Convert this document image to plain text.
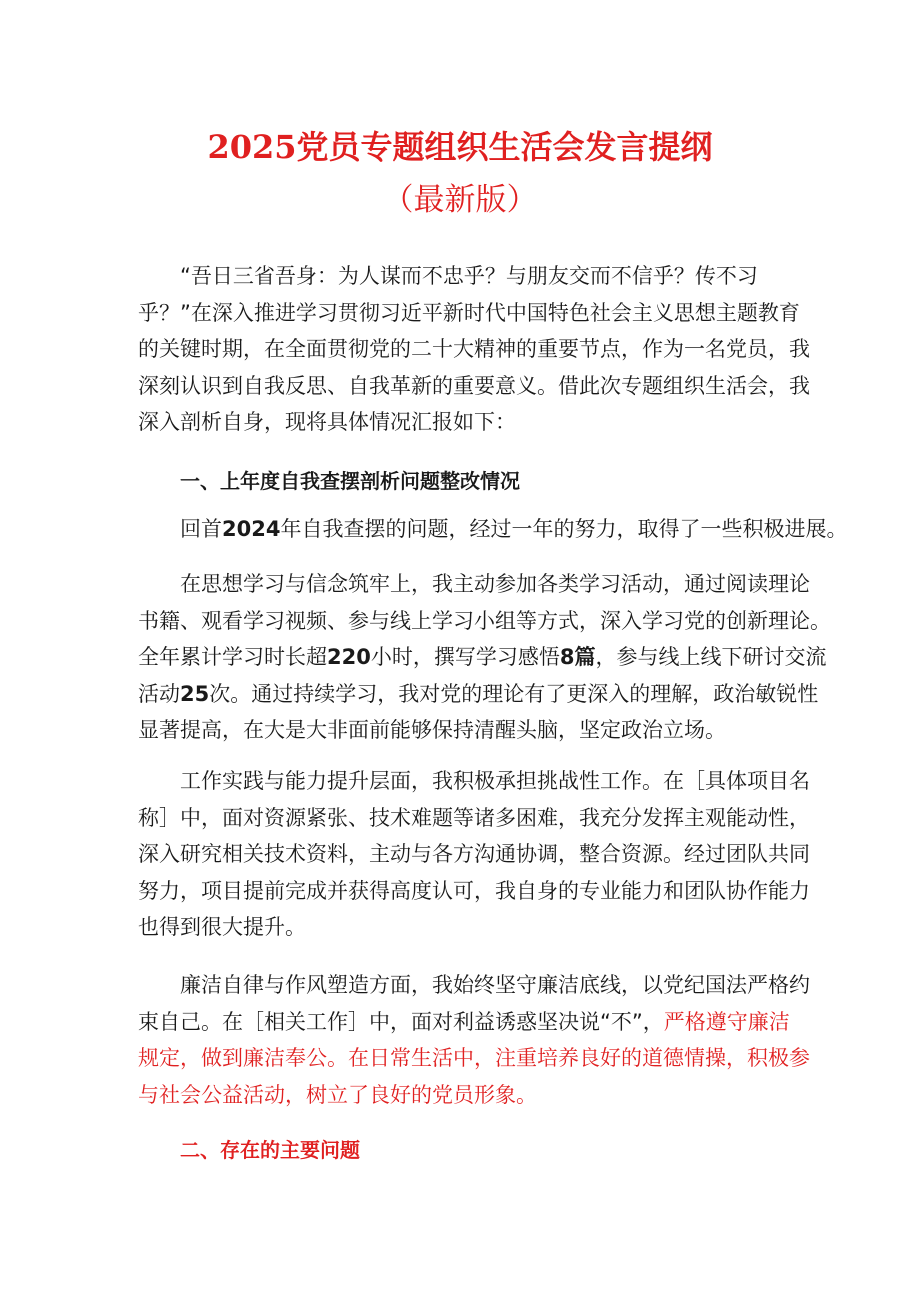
2025党员专题组织生活会发言提纲
（最新版）
“吾日三省吾身：为人谋而不忠乎？与朋友交而不信乎？传不习
乎？”在深入推进学习贯彻习近平新时代中国特色社会主义思想主题教育
的关键时期，在全面贯彻党的二十大精神的重要节点，作为一名党员，我
深刻认识到自我反思、自我革新的重要意义。借此次专题组织生活会，我
深入剖析自身，现将具体情况汇报如下：
一、上年度自我查摆剖析问题整改情况
回首2024年自我查摆的问题，经过一年的努力，取得了一些积极进展。
在思想学习与信念筑牢上，我主动参加各类学习活动，通过阅读理论
书籍、观看学习视频、参与线上学习小组等方式，深入学习党的创新理论。
全年累计学习时长超220小时，撰写学习感悟8篇，参与线上线下研讨交流
活动25次。通过持续学习，我对党的理论有了更深入的理解，政治敏锐性
显著提高，在大是大非面前能够保持清醒头脑，坚定政治立场。
工作实践与能力提升层面，我积极承担挑战性工作。在［具体项目名
称］中，面对资源紧张、技术难题等诸多困难，我充分发挥主观能动性，
深入研究相关技术资料，主动与各方沟通协调，整合资源。经过团队共同
努力，项目提前完成并获得高度认可，我自身的专业能力和团队协作能力
也得到很大提升。
廉洁自律与作风塑造方面，我始终坚守廉洁底线，以党纪国法严格约
束自己。在［相关工作］中，面对利益诱惑坚决说“不”，严格遵守廉洁
规定，做到廉洁奉公。在日常生活中，注重培养良好的道德情操，积极参
与社会公益活动，树立了良好的党员形象。
二、存在的主要问题
